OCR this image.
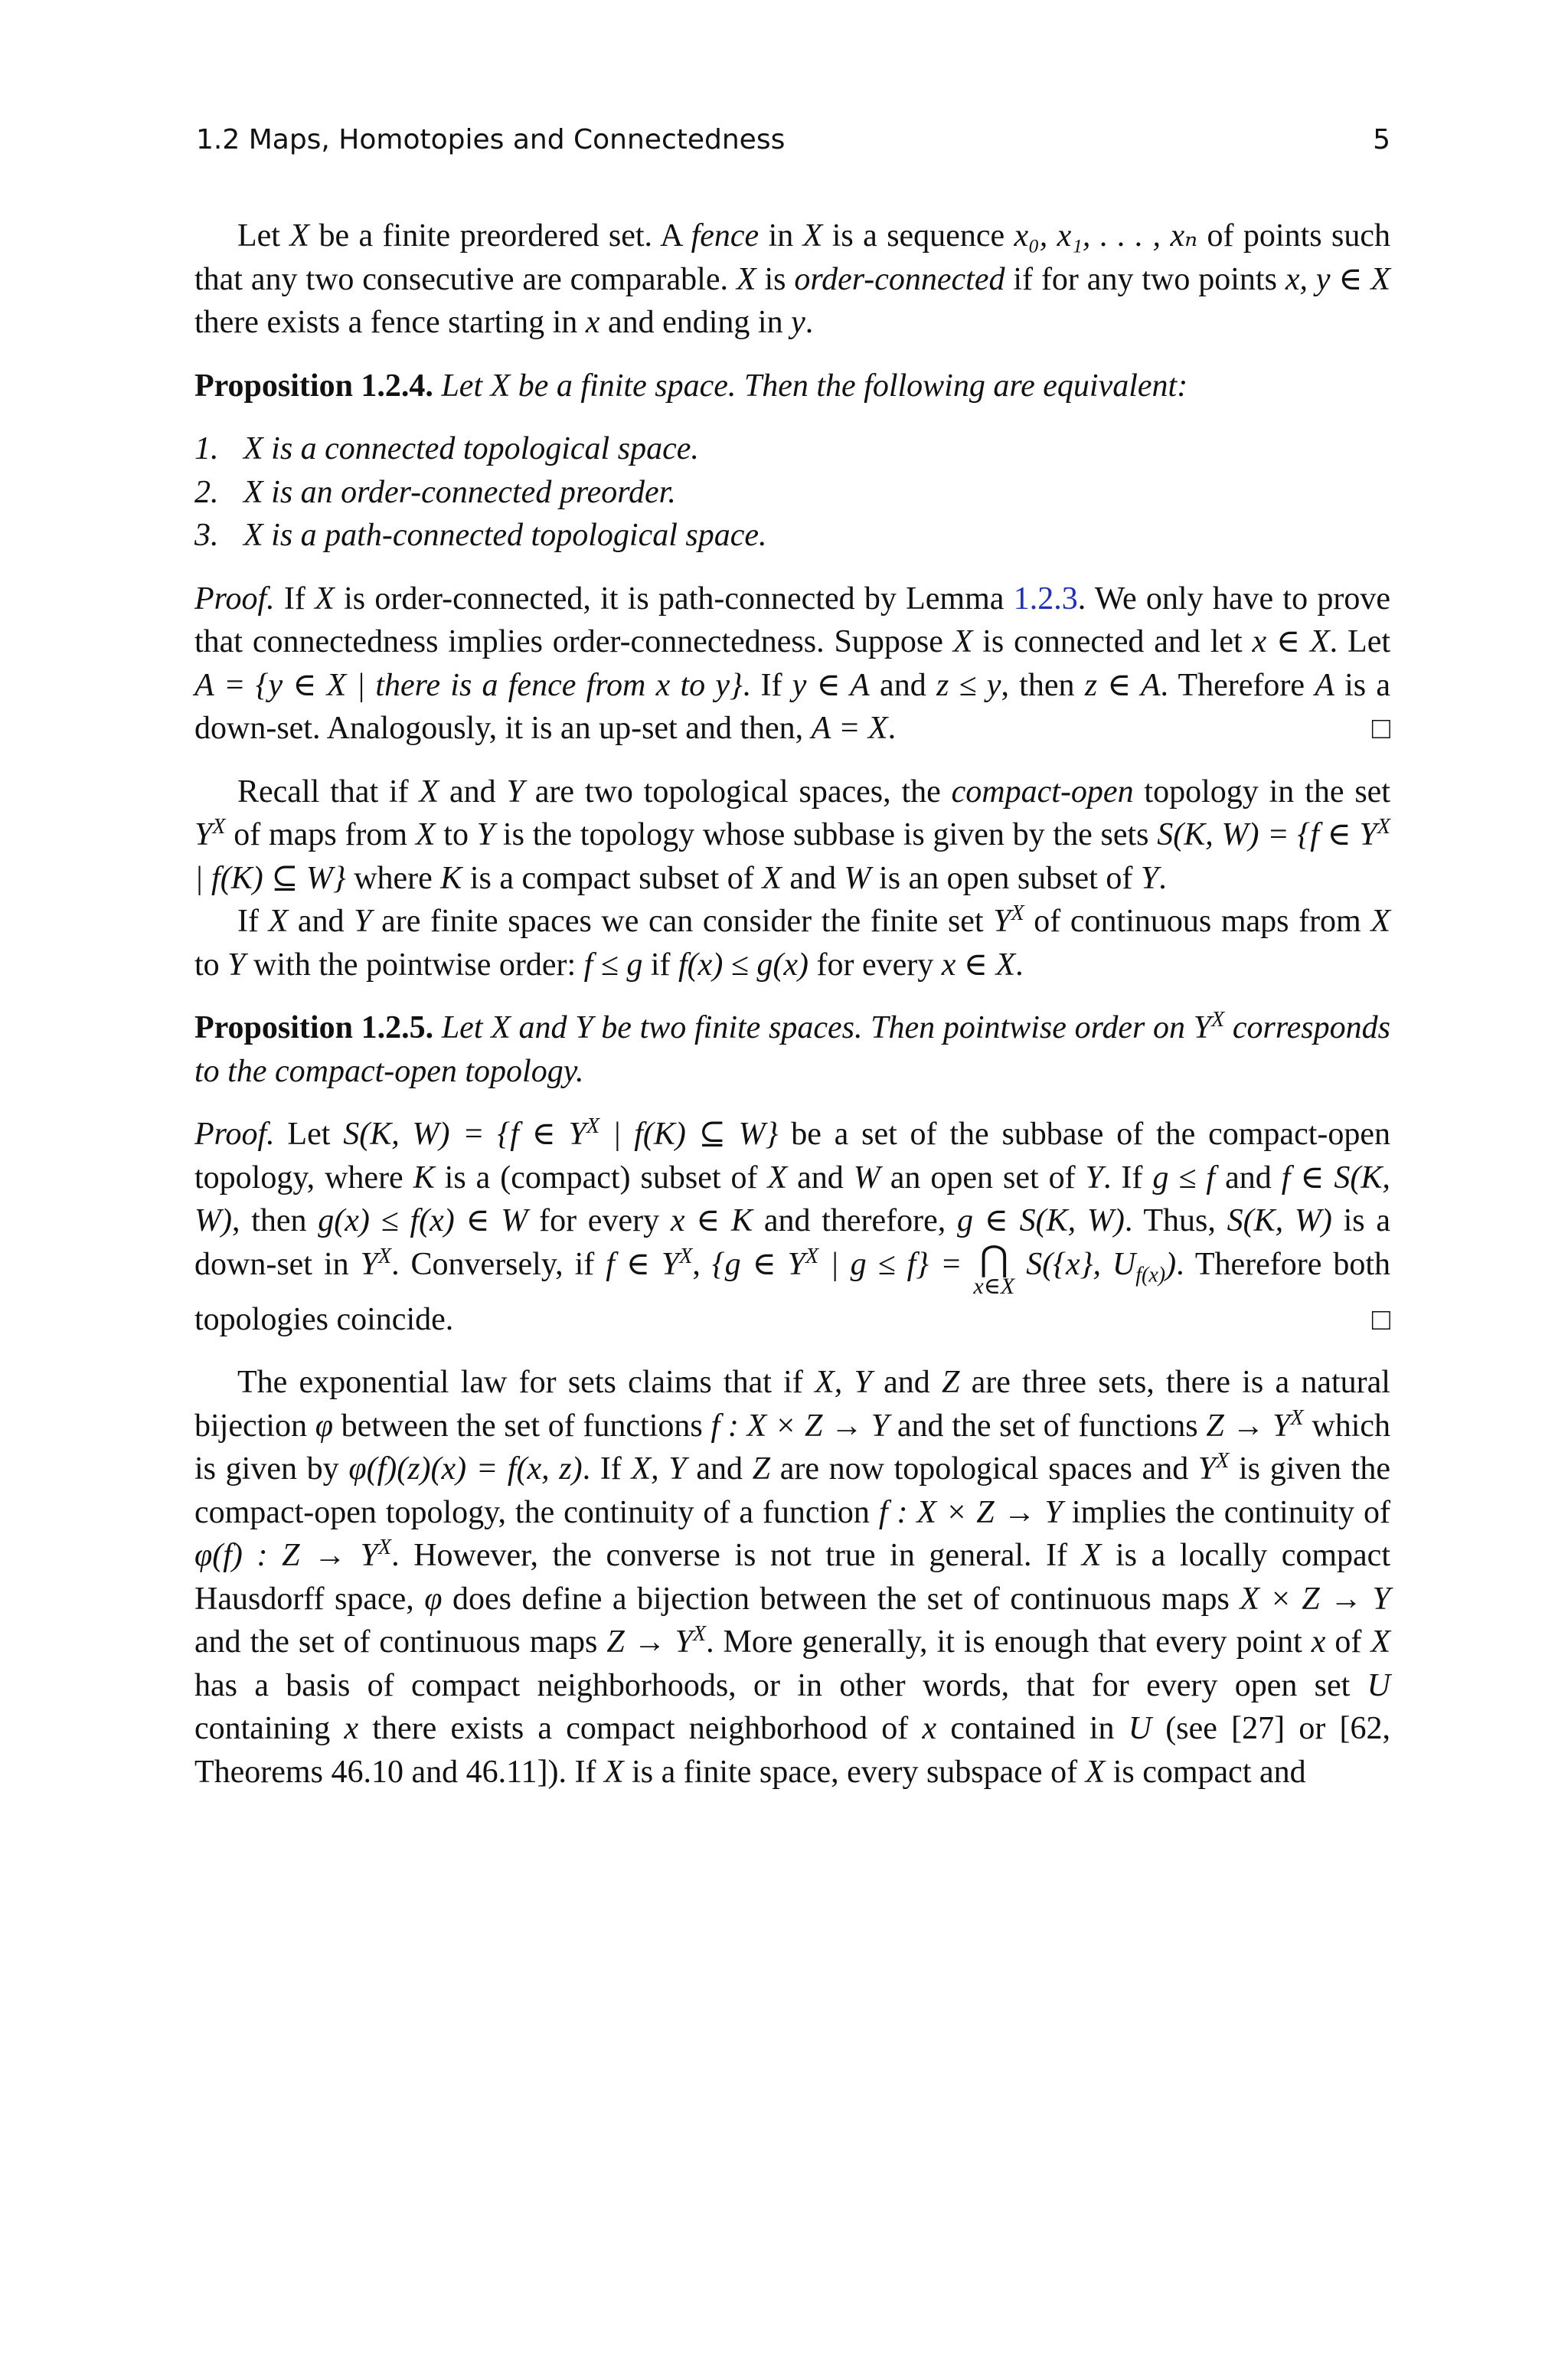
1.2 Maps, Homotopies and Connectedness	5

Let X be a finite preordered set. A fence in X is a sequence x₀, x₁, . . . , xₙ of points such that any two consecutive are comparable. X is order-connected if for any two points x, y ∈ X there exists a fence starting in x and ending in y.

Proposition 1.2.4. Let X be a finite space. Then the following are equivalent:

1. X is a connected topological space.
2. X is an order-connected preorder.
3. X is a path-connected topological space.

Proof. If X is order-connected, it is path-connected by Lemma 1.2.3. We only have to prove that connectedness implies order-connectedness. Suppose X is connected and let x ∈ X. Let A = {y ∈ X | there is a fence from x to y}. If y ∈ A and z ≤ y, then z ∈ A. Therefore A is a down-set. Analogously, it is an up-set and then, A = X.	□

Recall that if X and Y are two topological spaces, the compact-open topology in the set $Y^X$ of maps from X to Y is the topology whose subbase is given by the sets S(K, W) = {f ∈ $Y^X$ | f(K) ⊆ W} where K is a compact subset of X and W is an open subset of Y.

If X and Y are finite spaces we can consider the finite set $Y^X$ of continuous maps from X to Y with the pointwise order: f ≤ g if f(x) ≤ g(x) for every x ∈ X.

Proposition 1.2.5. Let X and Y be two finite spaces. Then pointwise order on $Y^X$ corresponds to the compact-open topology.

Proof. Let S(K, W) = {f ∈ $Y^X$ | f(K) ⊆ W} be a set of the subbase of the compact-open topology, where K is a (compact) subset of X and W an open set of Y. If g ≤ f and f ∈ S(K, W), then g(x) ≤ f(x) ∈ W for every x ∈ K and therefore, g ∈ S(K, W). Thus, S(K, W) is a down-set in $Y^X$. Conversely, if f ∈ $Y^X$, {g ∈ $Y^X$ | g ≤ f} = ⋂
x∈X
S({x}, $U_{f(x)}$). Therefore both topologies coincide.	□

The exponential law for sets claims that if X, Y and Z are three sets, there is a natural bijection φ between the set of functions f : X × Z → Y and the set of functions $Z \to Y^X$ which is given by φ(f)(z)(x) = f(x, z). If X, Y and Z are now topological spaces and $Y^X$ is given the compact-open topology, the continuity of a function f : X × Z → Y implies the continuity of φ(f) : $Z \to Y^X$. However, the converse is not true in general. If X is a locally compact Hausdorff space, φ does define a bijection between the set of continuous maps X × Z → Y and the set of continuous maps $Z \to Y^X$. More generally, it is enough that every point x of X has a basis of compact neighborhoods, or in other words, that for every open set U containing x there exists a compact neighborhood of x contained in U (see [27] or [62, Theorems 46.10 and 46.11]). If X is a finite space, every subspace of X is compact and
